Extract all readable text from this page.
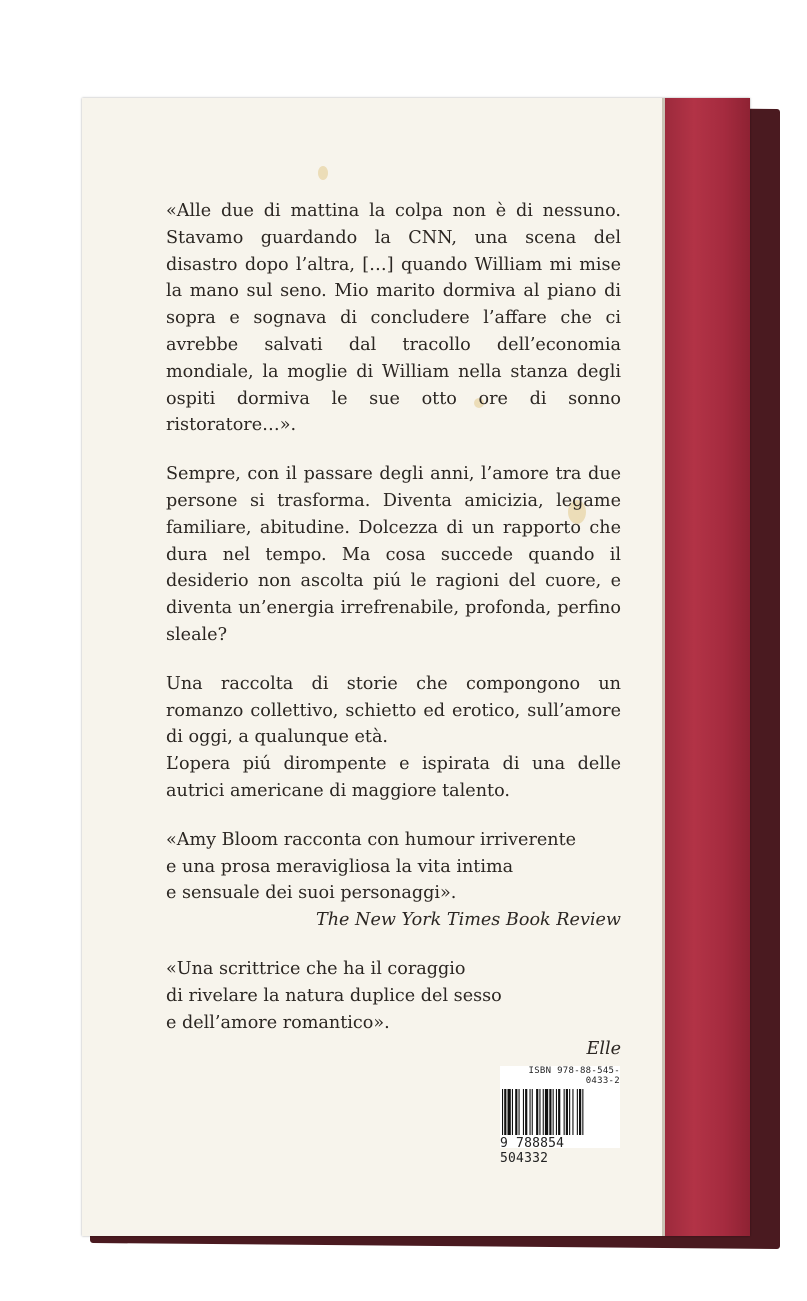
«Alle due di mattina la colpa non è di nessuno. Stavamo guardando la CNN, una scena del disastro dopo l’altra, […] quando William mi mise la mano sul seno. Mio marito dormiva al piano di sopra e sognava di concludere l’affare che ci avrebbe salvati dal tracollo dell’economia mondiale, la moglie di William nella stanza degli ospiti dormiva le sue otto ore di sonno ristoratore…».

Sempre, con il passare degli anni, l’amore tra due persone si trasforma. Diventa amicizia, legame familiare, abitudine. Dolcezza di un rapporto che dura nel tempo. Ma cosa succede quando il desiderio non ascolta piú le ragioni del cuore, e diventa un’energia irrefrenabile, profonda, perfino sleale?

Una raccolta di storie che compongono un romanzo collettivo, schietto ed erotico, sull’amore di oggi, a qualunque età.

L’opera piú dirompente e ispirata di una delle autrici americane di maggiore talento.

«Amy Bloom racconta con humour irriverente
e una prosa meravigliosa la vita intima
e sensuale dei suoi personaggi».
The New York Times Book Review
«Una scrittrice che ha il coraggio
di rivelare la natura duplice del sesso
e dell’amore romantico».
Elle
ISBN 978-88-545-0433-2
9 788854 504332
